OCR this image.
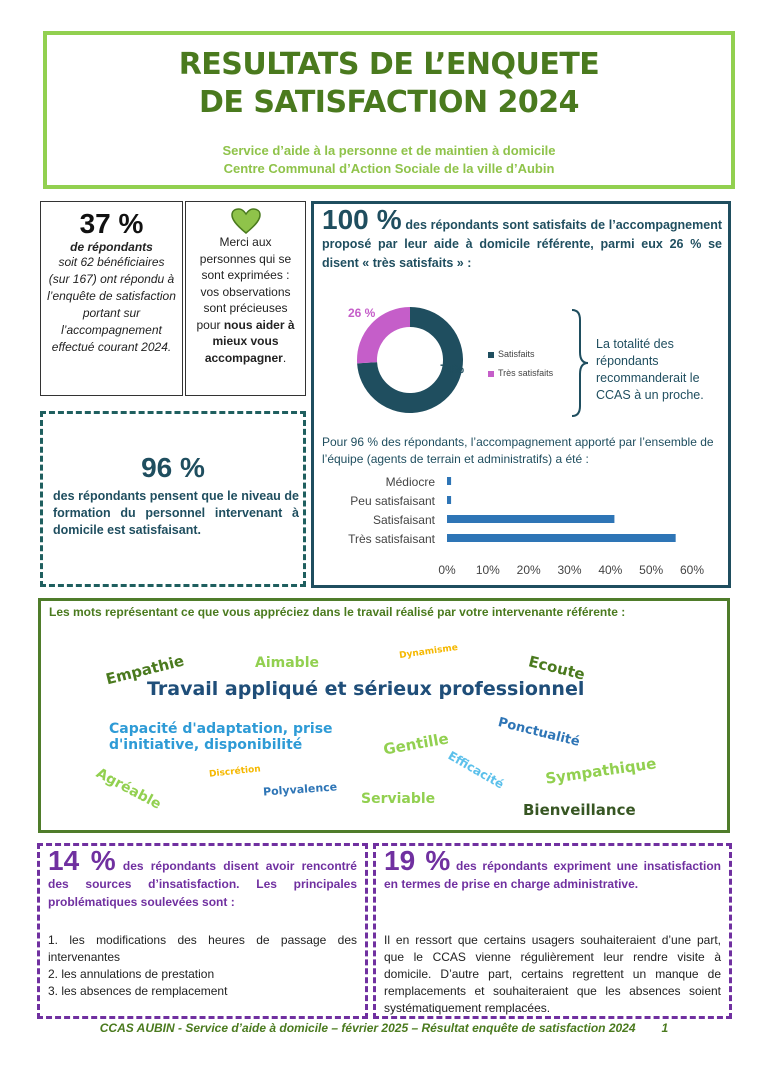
RESULTATS DE L’ENQUETE
DE SATISFACTION 2024
Service d’aide à la personne et de maintien à domicile
Centre Communal d’Action Sociale de la ville d’Aubin
37 %
de répondants
soit 62 bénéficiaires (sur 167) ont répondu à l’enquête de satisfaction portant sur l’accompagnement effectué courant 2024.
Merci aux personnes qui se sont exprimées : vos observations sont précieuses pour nous aider à mieux vous accompagner.
100 % des répondants sont satisfaits de l’accompagnement proposé par leur aide à domicile référente, parmi eux 26 % se disent « très satisfaits » :
74%
26 %
Satisfaits
Très satisfaits
La totalité des répondants recommanderait le CCAS à un proche.
Pour 96 % des répondants, l’accompagnement apporté par l’ensemble de l’équipe (agents de terrain et administratifs) a été :
Médiocre
Peu satisfaisant
Satisfaisant
Très satisfaisant
0% 10% 20% 30% 40% 50% 60%
96 %
des répondants pensent que le niveau de formation du personnel intervenant à domicile est satisfaisant.
Les mots représentant ce que vous appréciez dans le travail réalisé par votre intervenante référente :
Empathie	Aimable
Dynamisme
Ecoute
Travail appliqué et sérieux professionnel
Capacité d'adaptation, prise
d'initiative, disponibilité	Ponctualité
Gentille
Efficacité	Sympathique
Agréable	Discrétion
Polyvalence
Serviable
Bienveillance
14 % des répondants disent avoir rencontré des sources d’insatisfaction. Les principales problématiques soulevées sont :
1. les modifications des heures de passage des intervenantes
2. les annulations de prestation
3. les absences de remplacement
19 % des répondants expriment une insatisfaction en termes de prise en charge administrative.
Il en ressort que certains usagers souhaiteraient d’une part, que le CCAS vienne régulièrement leur rendre visite à domicile. D’autre part, certains regrettent un manque de remplacements et souhaiteraient que les absences soient systématiquement remplacées.
CCAS AUBIN - Service d’aide à domicile – février 2025 – Résultat enquête de satisfaction 2024 1
